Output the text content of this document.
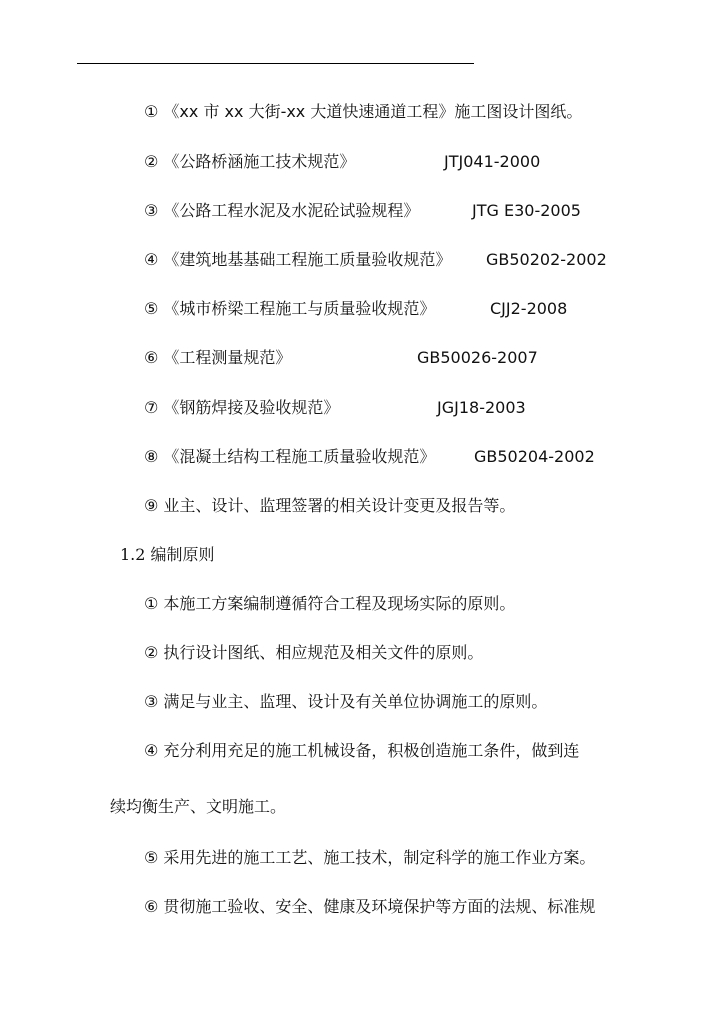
① 《xx 市 xx 大街-xx 大道快速通道工程》施工图设计图纸。
② 《公路桥涵施工技术规范》	JTJ041-2000
③ 《公路工程水泥及水泥砼试验规程》	JTG E30-2005
④ 《建筑地基基础工程施工质量验收规范》 GB50202-2002
⑤ 《城市桥梁工程施工与质量验收规范》	CJJ2-2008
⑥ 《工程测量规范》	GB50026-2007
⑦ 《钢筋焊接及验收规范》	JGJ18-2003
⑧ 《混凝土结构工程施工质量验收规范》 GB50204-2002
⑨ 业主、设计、监理签署的相关设计变更及报告等。
1.2 编制原则
① 本施工方案编制遵循符合工程及现场实际的原则。
② 执行设计图纸、相应规范及相关文件的原则。
③ 满足与业主、监理、设计及有关单位协调施工的原则。
④ 充分利用充足的施工机械设备，积极创造施工条件，做到连
续均衡生产、文明施工。
⑤ 采用先进的施工工艺、施工技术，制定科学的施工作业方案。
⑥ 贯彻施工验收、安全、健康及环境保护等方面的法规、标准规
